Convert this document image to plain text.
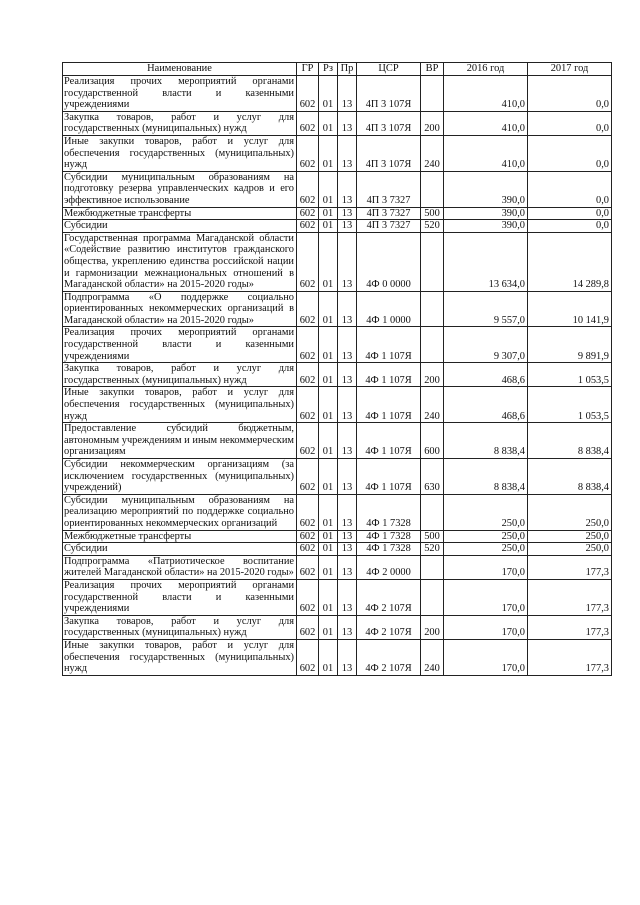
Наименование	ГР	Рз	Пр	ЦСР	ВР	2016 год	2017 год
Реализация прочих мероприятий органами государственной власти и казенными учреждениями	602	01	13	4П 3 107Я		410,0	0,0
Закупка товаров, работ и услуг для государственных (муниципальных) нужд	602	01	13	4П 3 107Я	200	410,0	0,0
Иные закупки товаров, работ и услуг для обеспечения государственных (муниципальных) нужд	602	01	13	4П 3 107Я	240	410,0	0,0
Субсидии муниципальным образованиям на подготовку резерва управленческих кадров и его эффективное использование	602	01	13	4П 3 7327		390,0	0,0
Межбюджетные трансферты	602	01	13	4П 3 7327	500	390,0	0,0
Субсидии	602	01	13	4П 3 7327	520	390,0	0,0
Государственная программа Магаданской области «Содействие развитию институтов гражданского общества, укреплению единства российской нации и гармонизации межнациональных отношений в Магаданской области» на 2015-2020 годы»	602	01	13	4Ф 0 0000		13 634,0	14 289,8
Подпрограмма «О поддержке социально ориентированных некоммерческих организаций в Магаданской области» на 2015-2020 годы»	602	01	13	4Ф 1 0000		9 557,0	10 141,9
Реализация прочих мероприятий органами государственной власти и казенными учреждениями	602	01	13	4Ф 1 107Я		9 307,0	9 891,9
Закупка товаров, работ и услуг для государственных (муниципальных) нужд	602	01	13	4Ф 1 107Я	200	468,6	1 053,5
Иные закупки товаров, работ и услуг для обеспечения государственных (муниципальных) нужд	602	01	13	4Ф 1 107Я	240	468,6	1 053,5
Предоставление субсидий бюджетным, автономным учреждениям и иным некоммерческим организациям	602	01	13	4Ф 1 107Я	600	8 838,4	8 838,4
Субсидии некоммерческим организациям (за исключением государственных (муниципальных) учреждений)	602	01	13	4Ф 1 107Я	630	8 838,4	8 838,4
Субсидии муниципальным образованиям на реализацию мероприятий по поддержке социально ориентированных некоммерческих организаций	602	01	13	4Ф 1 7328		250,0	250,0
Межбюджетные трансферты	602	01	13	4Ф 1 7328	500	250,0	250,0
Субсидии	602	01	13	4Ф 1 7328	520	250,0	250,0
Подпрограмма «Патриотическое воспитание жителей Магаданской области» на 2015-2020 годы»	602	01	13	4Ф 2 0000		170,0	177,3
Реализация прочих мероприятий органами государственной власти и казенными учреждениями	602	01	13	4Ф 2 107Я		170,0	177,3
Закупка товаров, работ и услуг для государственных (муниципальных) нужд	602	01	13	4Ф 2 107Я	200	170,0	177,3
Иные закупки товаров, работ и услуг для обеспечения государственных (муниципальных) нужд	602	01	13	4Ф 2 107Я	240	170,0	177,3
